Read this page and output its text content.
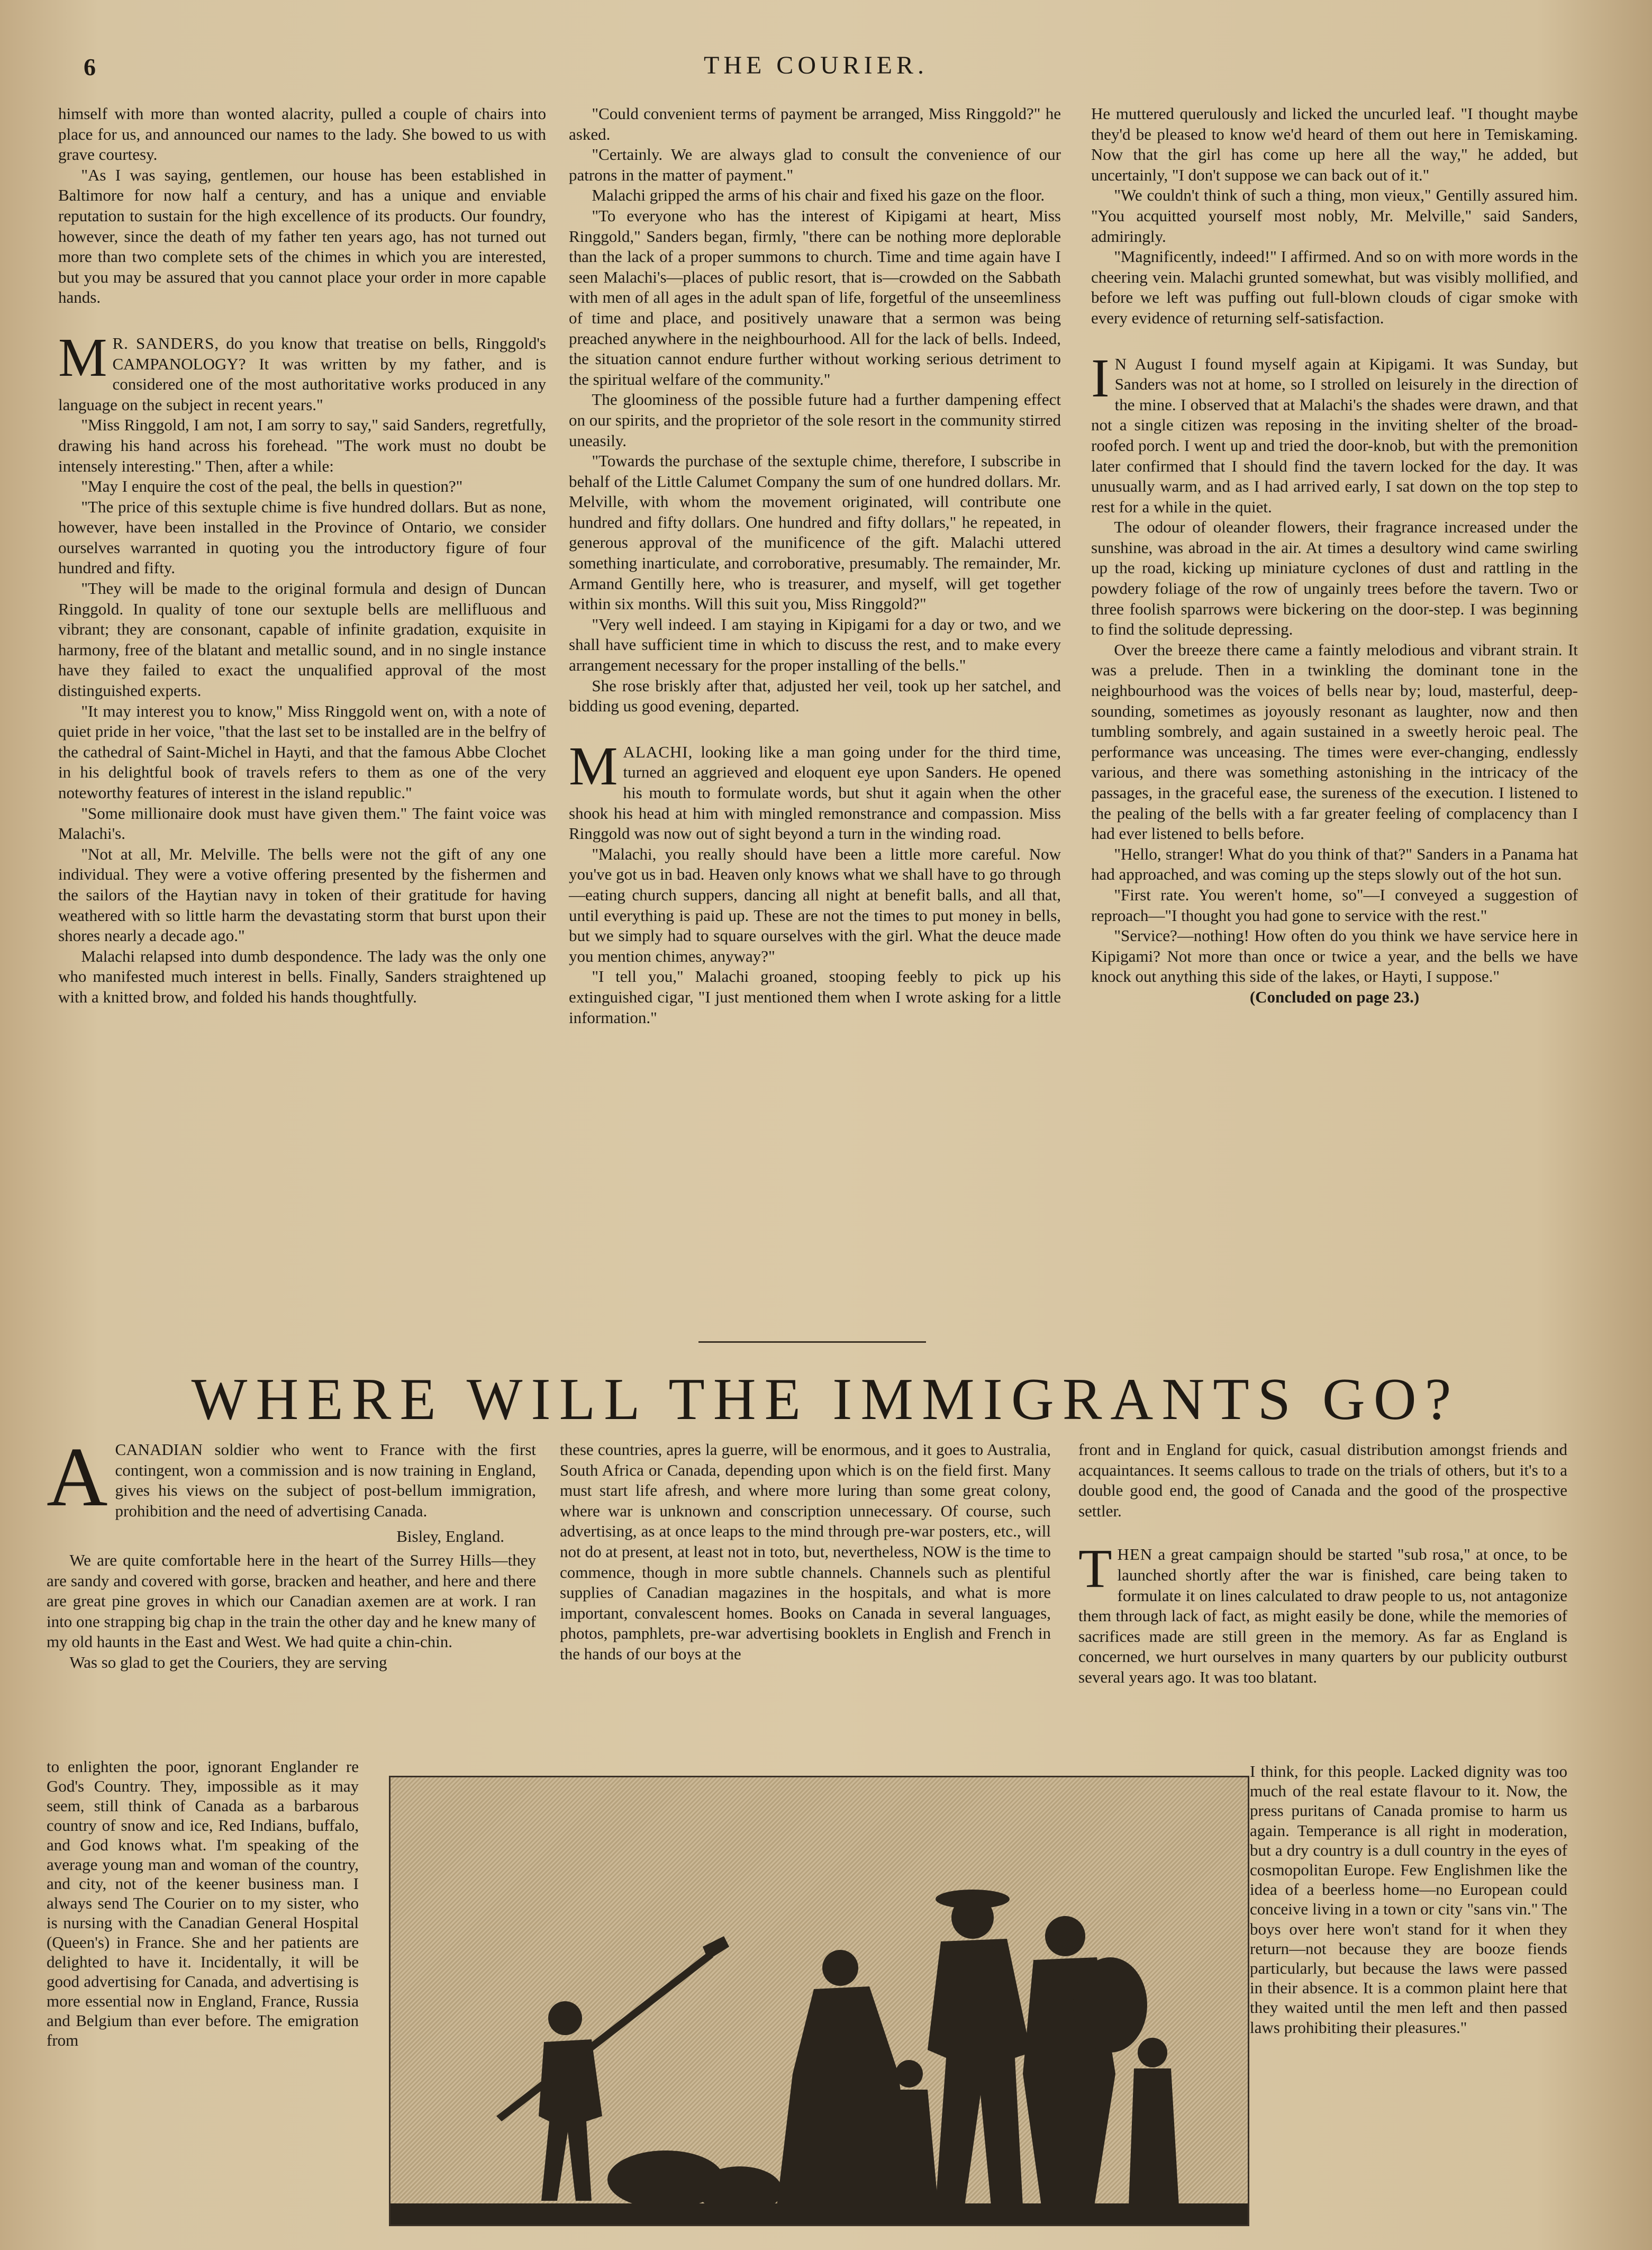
6	THE COURIER.

himself with more than wonted alacrity, pulled a couple of chairs into place for us, and announced our names to the lady. She bowed to us with grave courtesy.

"As I was saying, gentlemen, our house has been established in Baltimore for now half a century, and has a unique and enviable reputation to sustain for the high excellence of its products. Our foundry, however, since the death of my father ten years ago, has not turned out more than two complete sets of the chimes in which you are interested, but you may be assured that you cannot place your order in more capable hands.

M R. SANDERS, do you know that treatise on bells, Ringgold's CAMPANOLOGY? It was written by my father, and is considered one of the most authoritative works produced in any language on the subject in recent years."

"Miss Ringgold, I am not, I am sorry to say," said Sanders, regretfully, drawing his hand across his forehead. "The work must no doubt be intensely interesting." Then, after a while:

"May I enquire the cost of the peal, the bells in question?"

"The price of this sextuple chime is five hundred dollars. But as none, however, have been installed in the Province of Ontario, we consider ourselves warranted in quoting you the introductory figure of four hundred and fifty.

"They will be made to the original formula and design of Duncan Ringgold. In quality of tone our sextuple bells are mellifluous and vibrant; they are consonant, capable of infinite gradation, exquisite in harmony, free of the blatant and metallic sound, and in no single instance have they failed to exact the unqualified approval of the most distinguished experts.

"It may interest you to know," Miss Ringgold went on, with a note of quiet pride in her voice, "that the last set to be installed are in the belfry of the cathedral of Saint-Michel in Hayti, and that the famous Abbe Clochet in his delightful book of travels refers to them as one of the very noteworthy features of interest in the island republic."

"Some millionaire dook must have given them." The faint voice was Malachi's.

"Not at all, Mr. Melville. The bells were not the gift of any one individual. They were a votive offering presented by the fishermen and the sailors of the Haytian navy in token of their gratitude for having weathered with so little harm the devastating storm that burst upon their shores nearly a decade ago."

Malachi relapsed into dumb despondence. The lady was the only one who manifested much interest in bells. Finally, Sanders straightened up with a knitted brow, and folded his hands thoughtfully.

"Could convenient terms of payment be arranged, Miss Ringgold?" he asked.

"Certainly. We are always glad to consult the convenience of our patrons in the matter of payment."

Malachi gripped the arms of his chair and fixed his gaze on the floor.

"To everyone who has the interest of Kipigami at heart, Miss Ringgold," Sanders began, firmly, "there can be nothing more deplorable than the lack of a proper summons to church. Time and time again have I seen Malachi's—places of public resort, that is—crowded on the Sabbath with men of all ages in the adult span of life, forgetful of the unseemliness of time and place, and positively unaware that a sermon was being preached anywhere in the neighbourhood. All for the lack of bells. Indeed, the situation cannot endure further without working serious detriment to the spiritual welfare of the community."

The gloominess of the possible future had a further dampening effect on our spirits, and the proprietor of the sole resort in the community stirred uneasily.

"Towards the purchase of the sextuple chime, therefore, I subscribe in behalf of the Little Calumet Company the sum of one hundred dollars. Mr. Melville, with whom the movement originated, will contribute one hundred and fifty dollars. One hundred and fifty dollars," he repeated, in generous approval of the munificence of the gift. Malachi uttered something inarticulate, and corroborative, presumably. The remainder, Mr. Armand Gentilly here, who is treasurer, and myself, will get together within six months. Will this suit you, Miss Ringgold?"

"Very well indeed. I am staying in Kipigami for a day or two, and we shall have sufficient time in which to discuss the rest, and to make every arrangement necessary for the proper installing of the bells."

She rose briskly after that, adjusted her veil, took up her satchel, and bidding us good evening, departed.

MALACHI, looking like a man going under for the third time, turned an aggrieved and eloquent eye upon Sanders. He opened his mouth to formulate words, but shut it again when the other shook his head at him with mingled remonstrance and compassion. Miss Ringgold was now out of sight beyond a turn in the winding road.

"Malachi, you really should have been a little more careful. Now you've got us in bad. Heaven only knows what we shall have to go through—eating church suppers, dancing all night at benefit balls, and all that, until everything is paid up. These are not the times to put money in bells, but we simply had to square ourselves with the girl. What the deuce made you mention chimes, anyway?"

"I tell you," Malachi groaned, stooping feebly to pick up his extinguished cigar, "I just mentioned them when I wrote asking for a little information."

He muttered querulously and licked the uncurled leaf. "I thought maybe they'd be pleased to know we'd heard of them out here in Temiskaming. Now that the girl has come up here all the way," he added, but uncertainly, "I don't suppose we can back out of it."

"We couldn't think of such a thing, mon vieux," Gentilly assured him. "You acquitted yourself most nobly, Mr. Melville," said Sanders, admiringly.

"Magnificently, indeed!" I affirmed. And so on with more words in the cheering vein. Malachi grunted somewhat, but was visibly mollified, and before we left was puffing out full-blown clouds of cigar smoke with every evidence of returning self-satisfaction.

I N August I found myself again at Kipigami. It was Sunday, but Sanders was not at home, so I strolled on leisurely in the direction of the mine. I observed that at Malachi's the shades were drawn, and that not a single citizen was reposing in the inviting shelter of the broad-roofed porch. I went up and tried the door-knob, but with the premonition later confirmed that I should find the tavern locked for the day. It was unusually warm, and as I had arrived early, I sat down on the top step to rest for a while in the quiet.

The odour of oleander flowers, their fragrance increased under the sunshine, was abroad in the air. At times a desultory wind came swirling up the road, kicking up miniature cyclones of dust and rattling in the powdery foliage of the row of ungainly trees before the tavern. Two or three foolish sparrows were bickering on the door-step. I was beginning to find the solitude depressing.

Over the breeze there came a faintly melodious and vibrant strain. It was a prelude. Then in a twinkling the dominant tone in the neighbourhood was the voices of bells near by; loud, masterful, deep-sounding, sometimes as joyously resonant as laughter, now and then tumbling sombrely, and again sustained in a sweetly heroic peal. The performance was unceasing. The times were ever-changing, endlessly various, and there was something astonishing in the intricacy of the passages, in the graceful ease, the sureness of the execution. I listened to the pealing of the bells with a far greater feeling of complacency than I had ever listened to bells before.

"Hello, stranger! What do you think of that?" Sanders in a Panama hat had approached, and was coming up the steps slowly out of the hot sun.

"First rate. You weren't home, so"—I conveyed a suggestion of reproach—"I thought you had gone to service with the rest."

"Service?—nothing! How often do you think we have service here in Kipigami? Not more than once or twice a year, and the bells we have knock out anything this side of the lakes, or Hayti, I suppose."

(Concluded on page 23.)

WHERE WILL THE IMMIGRANTS GO?

ACANADIAN soldier who went to France with the first contingent, won a commission and is now training in England, gives his views on the subject of post-bellum immigration, prohibition and the need of advertising Canada.

Bisley, England.

We are quite comfortable here in the heart of the Surrey Hills—they are sandy and covered with gorse, bracken and heather, and here and there are great pine groves in which our Canadian axemen are at work. I ran into one strapping big chap in the train the other day and he knew many of my old haunts in the East and West. We had quite a chin-chin.

Was so glad to get the Couriers, they are serving

to enlighten the poor, ignorant Englander re God's Country. They, impossible as it may seem, still think of Canada as a barbarous country of snow and ice, Red Indians, buffalo, and God knows what. I'm speaking of the average young man and woman of the country, and city, not of the keener business man. I always send The Courier on to my sister, who is nursing with the Canadian General Hospital (Queen's) in France. She and her patients are delighted to have it. Incidentally, it will be good advertising for Canada, and advertising is more essential now in England, France, Russia and Belgium than ever before. The emigration from

these countries, apres la guerre, will be enormous, and it goes to Australia, South Africa or Canada, depending upon which is on the field first. Many must start life afresh, and where more luring than some great colony, where war is unknown and conscription unnecessary. Of course, such advertising, as at once leaps to the mind through pre-war posters, etc., will not do at present, at least not in toto, but, nevertheless, NOW is the time to commence, though in more subtle channels. Channels such as plentiful supplies of Canadian magazines in the hospitals, and what is more important, convalescent homes. Books on Canada in several languages, photos, pamphlets, pre-war advertising booklets in English and French in the hands of our boys at the

front and in England for quick, casual distribution amongst friends and acquaintances. It seems callous to trade on the trials of others, but it's to a double good end, the good of Canada and the good of the prospective settler.

THEN a great campaign should be started "sub rosa," at once, to be launched shortly after the war is finished, care being taken to formulate it on lines calculated to draw people to us, not antagonize them through lack of fact, as might easily be done, while the memories of sacrifices made are still green in the memory. As far as England is concerned, we hurt ourselves in many quarters by our publicity outburst several years ago. It was too blatant.

I think, for this people. Lacked dignity was too much of the real estate flavour to it. Now, the press puritans of Canada promise to harm us again. Temperance is all right in moderation, but a dry country is a dull country in the eyes of cosmopolitan Europe. Few Englishmen like the idea of a beerless home—no European could conceive living in a town or city "sans vin." The boys over here won't stand for it when they return—not because they are booze fiends particularly, but because the laws were passed in their absence. It is a common plaint here that they waited until the men left and then passed laws prohibiting their pleasures."
